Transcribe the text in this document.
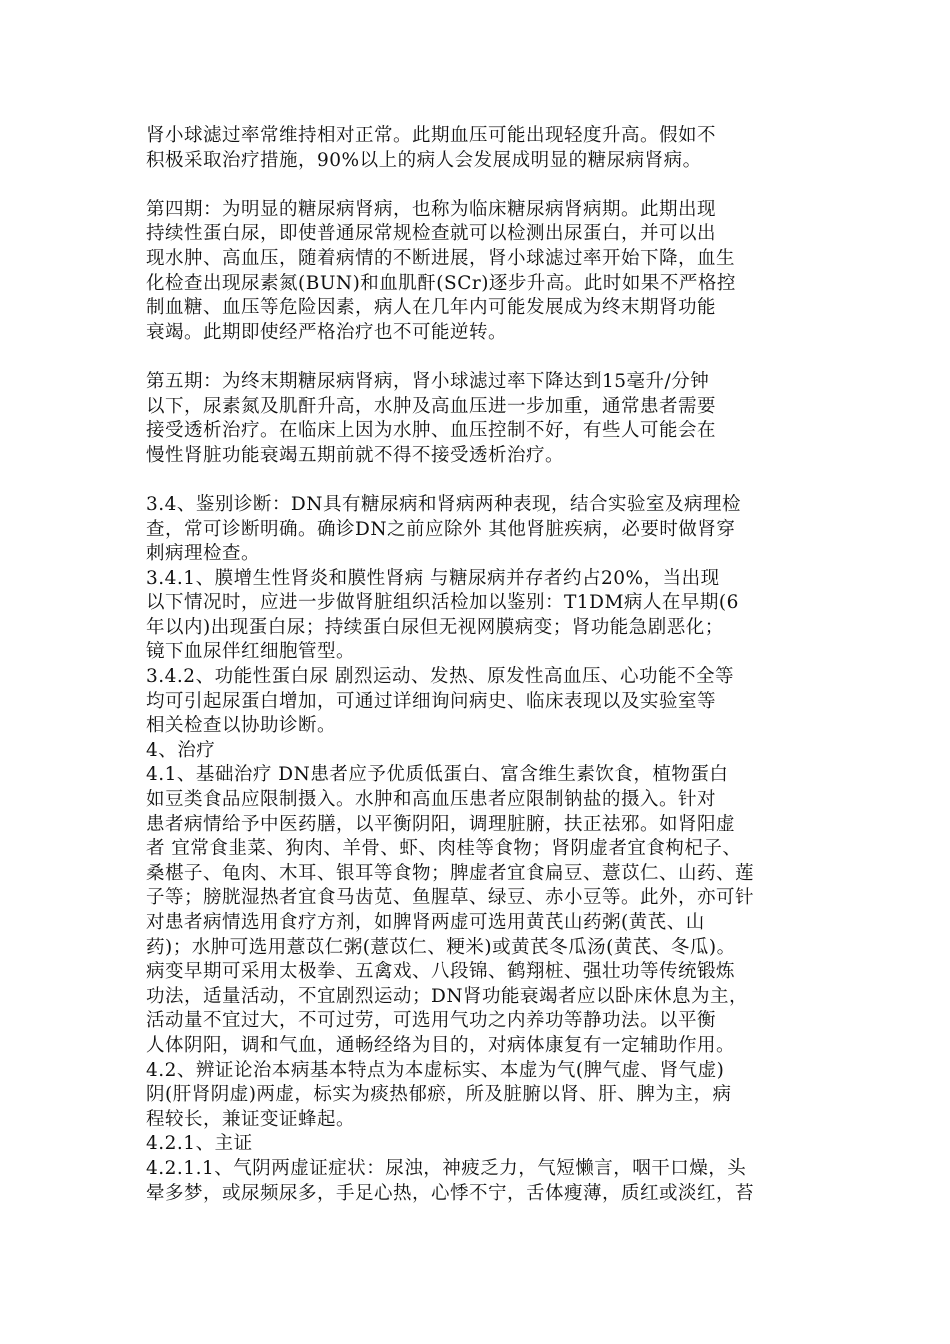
肾小球滤过率常维持相对正常。此期血压可能出现轻度升高。假如不
积极采取治疗措施，90%以上的病人会发展成明显的糖尿病肾病。
第四期：为明显的糖尿病肾病，也称为临床糖尿病肾病期。此期出现
持续性蛋白尿，即使普通尿常规检查就可以检测出尿蛋白，并可以出
现水肿、高血压，随着病情的不断进展，肾小球滤过率开始下降，血生
化检查出现尿素氮(BUN)和血肌酐(SCr)逐步升高。此时如果不严格控
制血糖、血压等危险因素，病人在几年内可能发展成为终末期肾功能
衰竭。此期即使经严格治疗也不可能逆转。
第五期：为终末期糖尿病肾病，肾小球滤过率下降达到15毫升/分钟
以下，尿素氮及肌酐升高，水肿及高血压进一步加重，通常患者需要
接受透析治疗。在临床上因为水肿、血压控制不好，有些人可能会在
慢性肾脏功能衰竭五期前就不得不接受透析治疗。
3.4、鉴别诊断：DN具有糖尿病和肾病两种表现，结合实验室及病理检
查，常可诊断明确。确诊DN之前应除外 其他肾脏疾病，必要时做肾穿
刺病理检查。
3.4.1、膜增生性肾炎和膜性肾病 与糖尿病并存者约占20%，当出现
以下情况时，应进一步做肾脏组织活检加以鉴别：T1DM病人在早期(6
年以内)出现蛋白尿；持续蛋白尿但无视网膜病变；肾功能急剧恶化；
镜下血尿伴红细胞管型。
3.4.2、功能性蛋白尿 剧烈运动、发热、原发性高血压、心功能不全等
均可引起尿蛋白增加，可通过详细询问病史、临床表现以及实验室等
相关检查以协助诊断。
4、治疗
4.1、基础治疗 DN患者应予优质低蛋白、富含维生素饮食，植物蛋白
如豆类食品应限制摄入。水肿和高血压患者应限制钠盐的摄入。针对
患者病情给予中医药膳，以平衡阴阳，调理脏腑，扶正祛邪。如肾阳虚
者 宜常食韭菜、狗肉、羊骨、虾、肉桂等食物；肾阴虚者宜食枸杞子、
桑椹子、龟肉、木耳、银耳等食物；脾虚者宜食扁豆、薏苡仁、山药、莲
子等；膀胱湿热者宜食马齿苋、鱼腥草、绿豆、赤小豆等。此外，亦可针
对患者病情选用食疗方剂，如脾肾两虚可选用黄芪山药粥(黄芪、山
药)；水肿可选用薏苡仁粥(薏苡仁、粳米)或黄芪冬瓜汤(黄芪、冬瓜)。
病变早期可采用太极拳、五禽戏、八段锦、鹤翔桩、强壮功等传统锻炼
功法，适量活动，不宜剧烈运动；DN肾功能衰竭者应以卧床休息为主，
活动量不宜过大，不可过劳，可选用气功之内养功等静功法。以平衡
人体阴阳，调和气血，通畅经络为目的，对病体康复有一定辅助作用。
4.2、辨证论治本病基本特点为本虚标实、本虚为气(脾气虚、肾气虚)
阴(肝肾阴虚)两虚，标实为痰热郁瘀，所及脏腑以肾、肝、脾为主，病
程较长，兼证变证蜂起。
4.2.1、主证
4.2.1.1、气阴两虚证症状：尿浊，神疲乏力，气短懒言，咽干口燥，头
晕多梦，或尿频尿多，手足心热，心悸不宁，舌体瘦薄，质红或淡红，苔
